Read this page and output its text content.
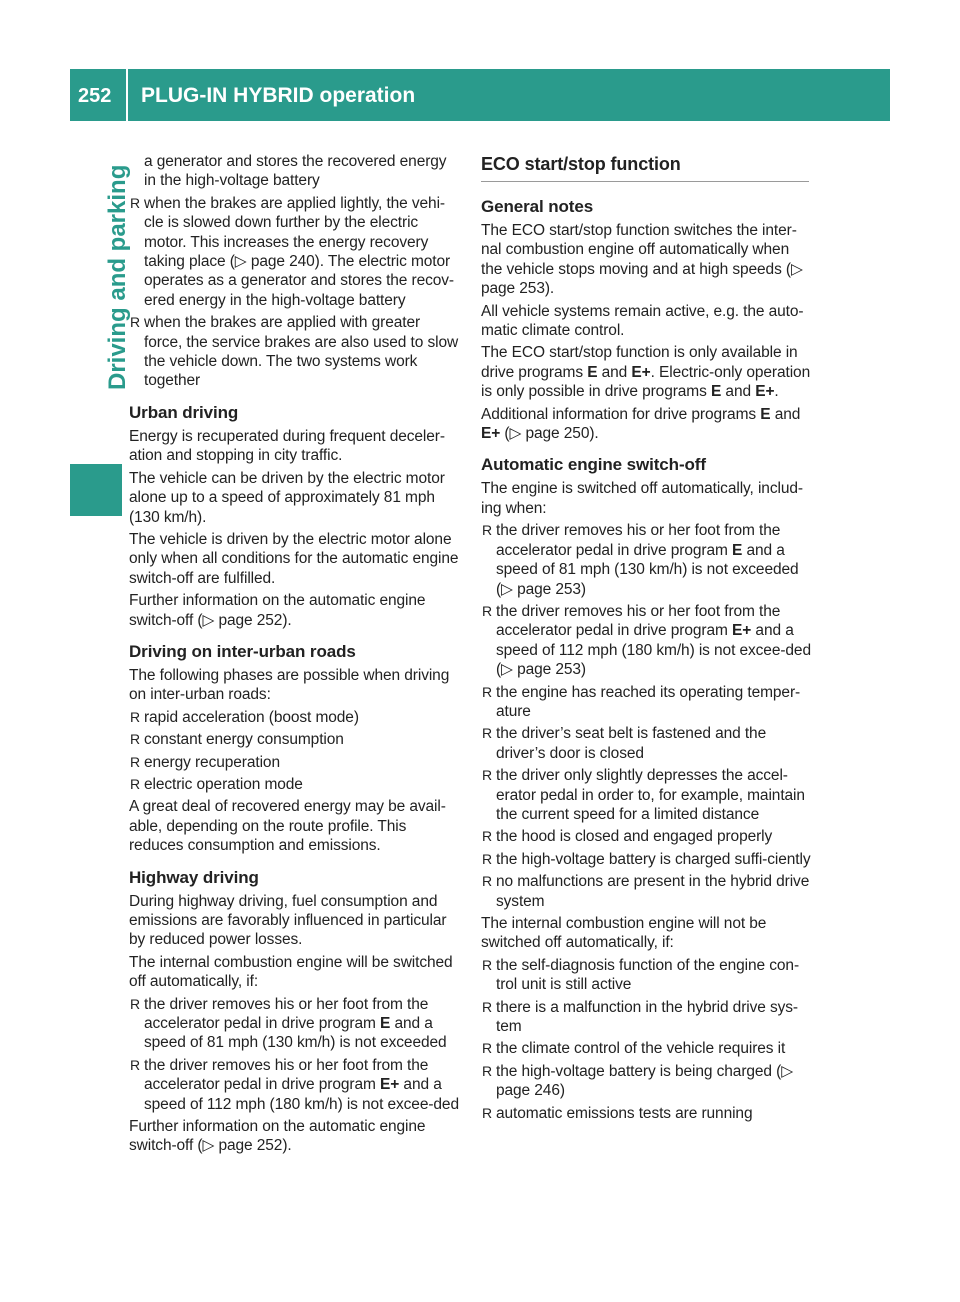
252 PLUG-IN HYBRID operation
Driving and parking

a generator and stores the recovered energy in the high-voltage battery

R when the brakes are applied lightly, the vehi-cle is slowed down further by the electric motor. This increases the energy recovery taking place (▷ page 240). The electric motor operates as a generator and stores the recov-ered energy in the high-voltage battery
R when the brakes are applied with greater force, the service brakes are also used to slow the vehicle down. The two systems work together
Urban driving

Energy is recuperated during frequent deceler-ation and stopping in city traffic.

The vehicle can be driven by the electric motor alone up to a speed of approximately 81 mph (130 km/h).

The vehicle is driven by the electric motor alone only when all conditions for the automatic engine switch-off are fulfilled.

Further information on the automatic engine switch-off (▷ page 252).

Driving on inter-urban roads

The following phases are possible when driving on inter-urban roads:

R rapid acceleration (boost mode)
R constant energy consumption
R energy recuperation
R electric operation mode

A great deal of recovered energy may be avail-able, depending on the route profile. This reduces consumption and emissions.

Highway driving

During highway driving, fuel consumption and emissions are favorably influenced in particular by reduced power losses.

The internal combustion engine will be switched off automatically, if:

R the driver removes his or her foot from the accelerator pedal in drive program E and a speed of 81 mph (130 km/h) is not exceeded
R the driver removes his or her foot from the accelerator pedal in drive program E+ and a speed of 112 mph (180 km/h) is not excee-ded

Further information on the automatic engine switch-off (▷ page 252).

ECO start/stop function
General notes

The ECO start/stop function switches the inter-nal combustion engine off automatically when the vehicle stops moving and at high speeds (▷ page 253).

All vehicle systems remain active, e.g. the auto-matic climate control.

The ECO start/stop function is only available in drive programs E and E+. Electric-only operation is only possible in drive programs E and E+.

Additional information for drive programs E and E+ (▷ page 250).

Automatic engine switch-off

The engine is switched off automatically, includ-ing when:

R the driver removes his or her foot from the accelerator pedal in drive program E and a speed of 81 mph (130 km/h) is not exceeded (▷ page 253)
R the driver removes his or her foot from the accelerator pedal in drive program E+ and a speed of 112 mph (180 km/h) is not excee-ded (▷ page 253)
R the engine has reached its operating temper-ature
R the driver’s seat belt is fastened and the driver’s door is closed
R the driver only slightly depresses the accel-erator pedal in order to, for example, maintain the current speed for a limited distance
R the hood is closed and engaged properly
R the high-voltage battery is charged suffi-ciently
R no malfunctions are present in the hybrid drive system

The internal combustion engine will not be switched off automatically, if:

R the self-diagnosis function of the engine con-trol unit is still active
R there is a malfunction in the hybrid drive sys-tem
R the climate control of the vehicle requires it
R the high-voltage battery is being charged (▷ page 246)
R automatic emissions tests are running
